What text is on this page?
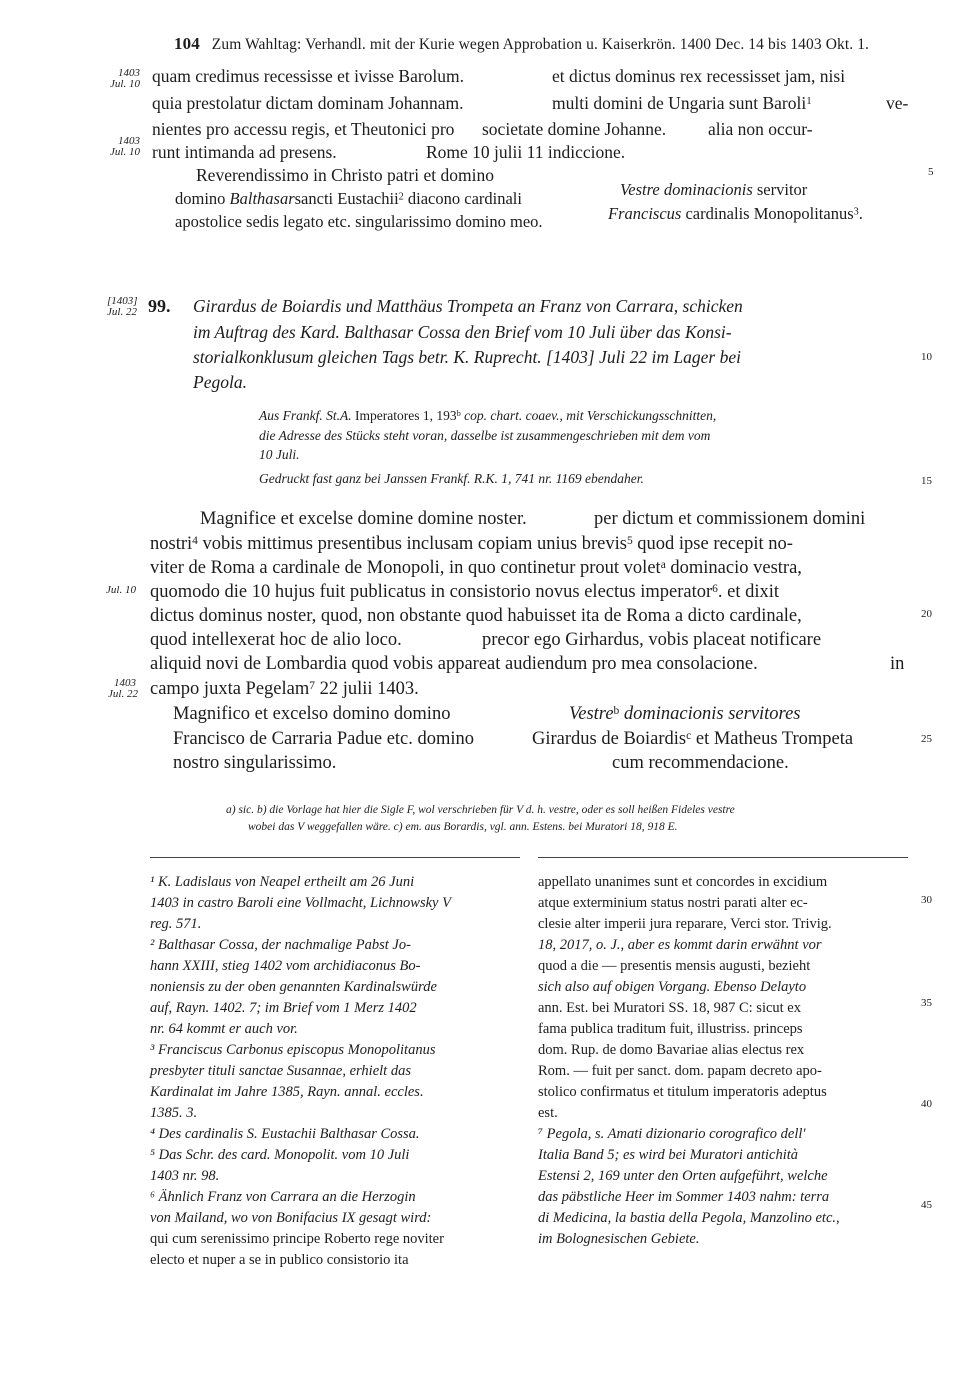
104 Zum Wahltag: Verhandl. mit der Kurie wegen Approbation u. Kaiserkrön. 1400 Dec. 14 bis 1403 Okt. 1.
1403
Jul. 10
1403
Jul. 10
[1403]
Jul. 22
Jul. 10
1403
Jul. 22
5
10
15
20
25
30
35
40
45
quam credimus recessisse et ivisse Barolum.	et dictus dominus rex recessisset jam, nisi
quia prestolatur dictam dominam Johannam.	multi domini de Ungaria sunt Baroli$^1$	ve-
nientes pro accessu regis, et Theutonici pro societate domine Johanne. alia non occur-
runt intimanda ad presens.	Rome 10 julii 11 indiccione.
Reverendissimo in Christo patri et domino
domino Balthasarsancti Eustachii$^2$ diacono cardinali
apostolice sedis legato etc. singularissimo domino meo.
Vestre dominacionis servitor
Franciscus cardinalis Monopolitanus$^3$.
99. Girardus de Boiardis und Matthäus Trompeta an Franz von Carrara, schicken
im Auftrag des Kard. Balthasar Cossa den Brief vom 10 Juli über das Konsi-
storialkonklusum gleichen Tags betr. K. Ruprecht. [1403] Juli 22 im Lager bei
Pegola.
Aus Frankf. St.A. Imperatores 1, 193$^b$ cop. chart. coaev., mit Verschickungsschnitten,
die Adresse des Stücks steht voran, dasselbe ist zusammengeschrieben mit dem vom
10 Juli.
Gedruckt fast ganz bei Janssen Frankf. R.K. 1, 741 nr. 1169 ebendaher.
Magnifice et excelse domine domine noster.	per dictum et commissionem domini
nostri$^4$ vobis mittimus presentibus inclusam copiam unius brevis$^5$ quod ipse recepit no-
viter de Roma a cardinale de Monopoli, in quo continetur prout volet$^a$ dominacio vestra,
quomodo die 10 hujus fuit publicatus in consistorio novus electus imperator$^6$. et dixit
dictus dominus noster, quod, non obstante quod habuisset ita de Roma a dicto cardinale,
quod intellexerat hoc de alio loco.	precor ego Girhardus, vobis placeat notificare
aliquid novi de Lombardia quod vobis appareat audiendum pro mea consolacione.	in
campo juxta Pegelam$^7$ 22 julii 1403.
Magnifico et excelso domino domino
Francisco de Carraria Padue etc. domino
nostro singularissimo.
Vestre$^b$ dominacionis servitores
Girardus de Boiardis$^c$ et Matheus Trompeta
cum recommendacione.
a) sic. b) die Vorlage hat hier die Sigle F, wol verschrieben für V d. h. vestre, oder es soll heißen Fideles vestre
wobei das V weggefallen wäre. c) em. aus Borardis, vgl. ann. Estens. bei Muratori 18, 918 E.
¹ K. Ladislaus von Neapel ertheilt am 26 Juni
1403 in castro Baroli eine Vollmacht, Lichnowsky V
reg. 571.
² Balthasar Cossa, der nachmalige Pabst Jo-
hann XXIII, stieg 1402 vom archidiaconus Bo-
noniensis zu der oben genannten Kardinalswürde
auf, Rayn. 1402. 7; im Brief vom 1 Merz 1402
nr. 64 kommt er auch vor.
³ Franciscus Carbonus episcopus Monopolitanus
presbyter tituli sanctae Susannae, erhielt das
Kardinalat im Jahre 1385, Rayn. annal. eccles.
1385. 3.
⁴ Des cardinalis S. Eustachii Balthasar Cossa.
⁵ Das Schr. des card. Monopolit. vom 10 Juli
1403 nr. 98.
⁶ Ähnlich Franz von Carrara an die Herzogin
von Mailand, wo von Bonifacius IX gesagt wird:
qui cum serenissimo principe Roberto rege noviter
electo et nuper a se in publico consistorio ita
appellato unanimes sunt et concordes in excidium
atque exterminium status nostri parati alter ec-
clesie alter imperii jura reparare, Verci stor. Trivig.
18, 2017, o. J., aber es kommt darin erwähnt vor
quod a die — presentis mensis augusti, bezieht
sich also auf obigen Vorgang. Ebenso Delayto
ann. Est. bei Muratori SS. 18, 987 C: sicut ex
fama publica traditum fuit, illustriss. princeps
dom. Rup. de domo Bavariae alias electus rex
Rom. — fuit per sanct. dom. papam decreto apo-
stolico confirmatus et titulum imperatoris adeptus
est.
⁷ Pegola, s. Amati dizionario corografico dell'
Italia Band 5; es wird bei Muratori antichità
Estensi 2, 169 unter den Orten aufgeführt, welche
das päbstliche Heer im Sommer 1403 nahm: terra
di Medicina, la bastia della Pegola, Manzolino etc.,
im Bolognesischen Gebiete.
